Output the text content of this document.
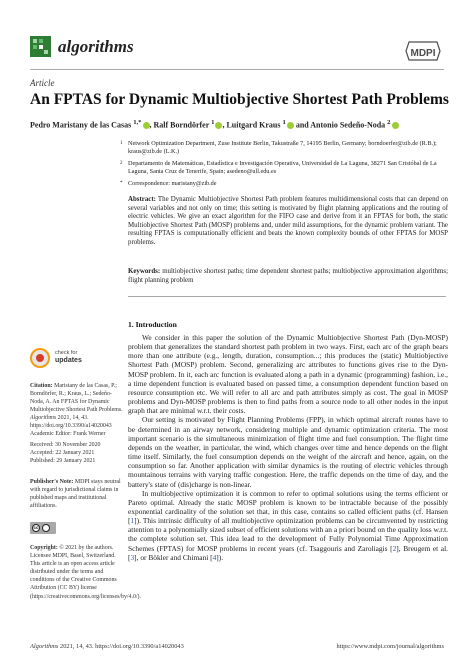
algorithms	MDPI
Article
An FPTAS for Dynamic Multiobjective Shortest Path Problems
Pedro Maristany de las Casas $^{1,*}$ , Ralf Borndörfer $^1$ , Luitgard Kraus $^1$ and Antonio Sedeño-Noda $^2$
1 Network Optimization Department, Zuse Institute Berlin, Takustraße 7, 14195 Berlin, Germany; borndoerfer@zib.de (R.B.); kraus@zib.de (L.K.)
2 Departamento de Matemáticas, Estadística e Investigación Operativa, Universidad de La Laguna, 38271 San Cristóbal de La Laguna, Santa Cruz de Tenerife, Spain; asedeno@ull.edu.es
* Correspondence: maristany@zib.de
Abstract: The Dynamic Multiobjective Shortest Path problem features multidimensional costs that can depend on several variables and not only on time; this setting is motivated by flight planning applications and the routing of electric vehicles. We give an exact algorithm for the FIFO case and derive from it an FPTAS for both, the static Multiobjective Shortest Path (MOSP) problems and, under mild assumptions, for the dynamic problem variant. The resulting FPTAS is computationally efficient and beats the known complexity bounds of other FPTAS for MOSP problems.
Keywords: multiobjective shortest paths; time dependent shortest paths; multiobjective approximation algorithms; flight planning problem
check for
updates
Citation: Maristany de las Casas, P.; Borndörfer, R.; Kraus, L.; Sedeño-Noda, A. An FPTAS for Dynamic Multiobjective Shortest Path Problems. Algorithms 2021, 14, 43. https://doi.org/10.3390/a14020043
Academic Editor: Frank Werner
Received: 30 November 2020
Accepted: 22 January 2021
Published: 29 January 2021
Publisher's Note: MDPI stays neutral with regard to jurisdictional claims in published maps and institutional affiliations.
cc
Copyright: © 2021 by the authors. Licensee MDPI, Basel, Switzerland. This article is an open access article distributed under the terms and conditions of the Creative Commons Attribution (CC BY) license (https://creativecommons.org/licenses/by/4.0/).
1. Introduction

We consider in this paper the solution of the Dynamic Multiobjective Shortest Path (Dyn-MOSP) problem that generalizes the standard shortest path problem in two ways. First, each arc of the graph bears more than one attribute (e.g., length, duration, consumption...; this produces the (static) Multiobjective Shortest Path (MOSP) problem. Second, generalizing arc attributes to functions gives rise to the Dyn-MOSP problem. In it, each arc function is evaluated along a path in a dynamic (programming) fashion, i.e., a time dependent function is evaluated based on passed time, a consumption dependent function based on resource consumption etc. We will refer to all arc and path attributes simply as cost. The goal in MOSP problems and Dyn-MOSP problems is then to find paths from a source node to all other nodes in the input graph that are minimal w.r.t. their costs.

Our setting is motivated by Flight Planning Problems (FPP), in which optimal aircraft routes have to be determined in an airway network, considering multiple and dynamic optimization criteria. The most important scenario is the simultaneous minimization of flight time and fuel consumption. The flight time depends on the weather, in particular, the wind, which changes over time and hence depends on the flight time itself. Similarly, the fuel consumption depends on the weight of the aircraft and hence, again, on the consumption so far. Another application with similar dynamics is the routing of electric vehicles through mountainous terrains with varying traffic congestion. Here, the traffic depends on the time of day, and the battery's state of (dis)charge is non-linear.

In multiobjective optimization it is common to refer to optimal solutions using the terms efficient or Pareto optimal. Already the static MOSP problem is known to be intractable because of the possibly exponential cardinality of the solution set that, in this case, contains so called efficient paths (cf. Hansen [1]). This intrinsic difficulty of all multiobjective optimization problems can be circumvented by restricting attention to a polynomially sized subset of efficient solutions with an a priori bound on the quality loss w.r.t. the complete solution set. This idea lead to the development of Fully Polynomial Time Approximation Schemes (FPTAS) for MOSP problems in recent years (cf. Tsaggouris and Zaroliagis [2], Breugem et al. [3], or Bökler and Chimani [4]).

Algorithms 2021, 14, 43. https://doi.org/10.3390/a14020043	https://www.mdpi.com/journal/algorithms
